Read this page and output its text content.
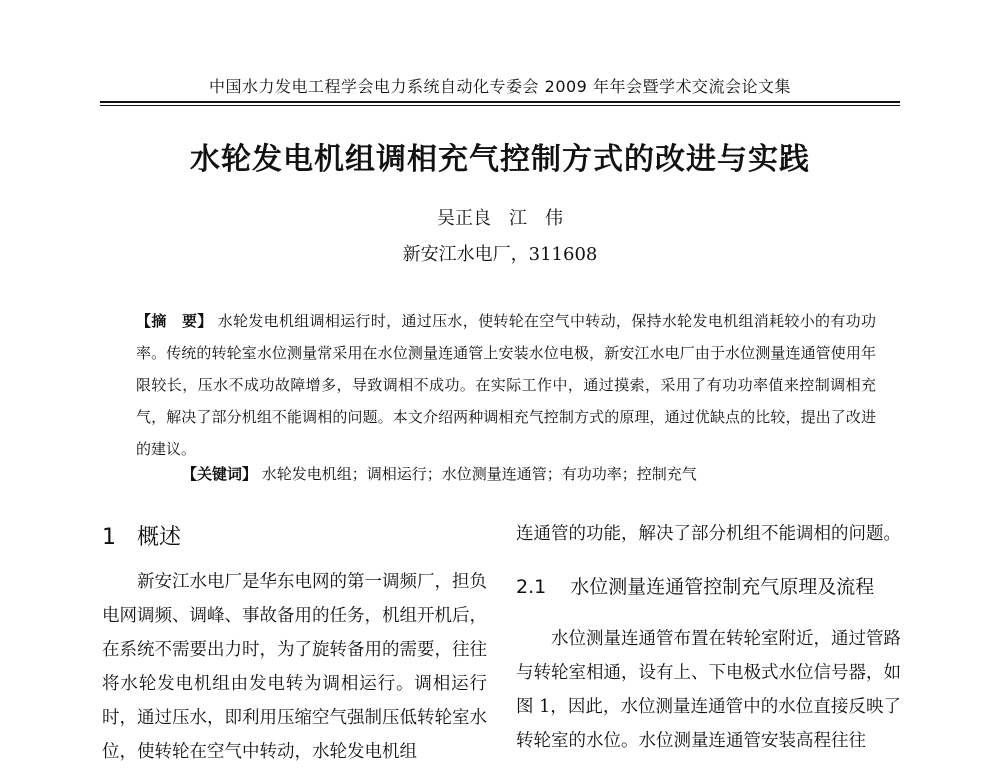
中国水力发电工程学会电力系统自动化专委会 2009 年年会暨学术交流会论文集
水轮发电机组调相充气控制方式的改进与实践
吴正良　江　伟
新安江水电厂，311608
【摘　要】 水轮发电机组调相运行时，通过压水，使转轮在空气中转动，保持水轮发电机组消耗较小的有功功率。传统的转轮室水位测量常采用在水位测量连通管上安装水位电极，新安江水电厂由于水位测量连通管使用年限较长，压水不成功故障增多，导致调相不成功。在实际工作中，通过摸索，采用了有功功率值来控制调相充气，解决了部分机组不能调相的问题。本文介绍两种调相充气控制方式的原理，通过优缺点的比较，提出了改进的建议。
【关键词】 水轮发电机组；调相运行；水位测量连通管；有功功率；控制充气
1 概述

新安江水电厂是华东电网的第一调频厂，担负电网调频、调峰、事故备用的任务，机组开机后，在系统不需要出力时，为了旋转备用的需要，往往将水轮发电机组由发电转为调相运行。调相运行时，通过压水，即利用压缩空气强制压低转轮室水位，使转轮在空气中转动，水轮发电机组

连通管的功能，解决了部分机组不能调相的问题。
2.1 水位测量连通管控制充气原理及流程

水位测量连通管布置在转轮室附近，通过管路与转轮室相通，设有上、下电极式水位信号器，如图 1，因此，水位测量连通管中的水位直接反映了转轮室的水位。水位测量连通管安装高程往往
